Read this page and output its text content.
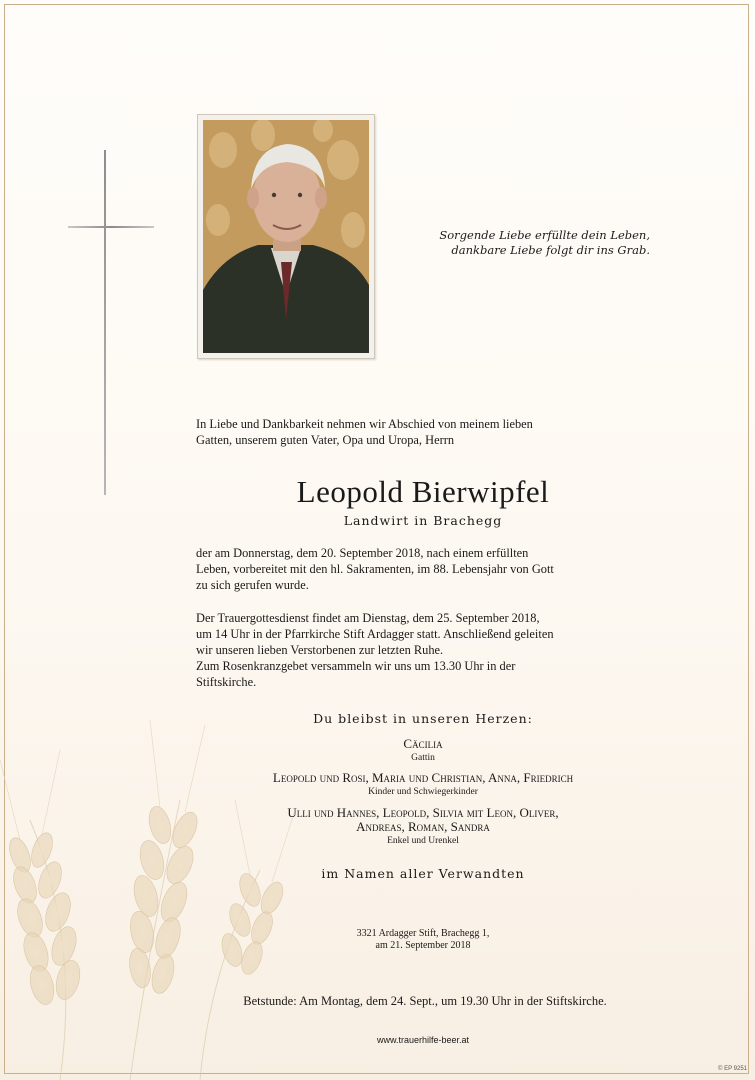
Sorgende Liebe erfüllte dein Leben,
dankbare Liebe folgt dir ins Grab.
In Liebe und Dankbarkeit nehmen wir Abschied von meinem lieben
Gatten, unserem guten Vater, Opa und Uropa, Herrn
Leopold Bierwipfel
Landwirt in Brachegg
der am Donnerstag, dem 20. September 2018, nach einem erfüllten
Leben, vorbereitet mit den hl. Sakramenten, im 88. Lebensjahr von Gott
zu sich gerufen wurde.
Der Trauergottesdienst findet am Dienstag, dem 25. September 2018,
um 14 Uhr in der Pfarrkirche Stift Ardagger statt. Anschließend geleiten
wir unseren lieben Verstorbenen zur letzten Ruhe.
Zum Rosenkranzgebet versammeln wir uns um 13.30 Uhr in der
Stiftskirche.
Du bleibst in unseren Herzen:
Cäcilia
Gattin
Leopold und Rosi, Maria und Christian, Anna, Friedrich
Kinder und Schwiegerkinder
Ulli und Hannes, Leopold, Silvia mit Leon, Oliver,
Andreas, Roman, Sandra
Enkel und Urenkel
im Namen aller Verwandten
3321 Ardagger Stift, Brachegg 1,
am 21. September 2018
Betstunde: Am Montag, dem 24. Sept., um 19.30 Uhr in der Stiftskirche.
www.trauerhilfe-beer.at
© EP 9251
